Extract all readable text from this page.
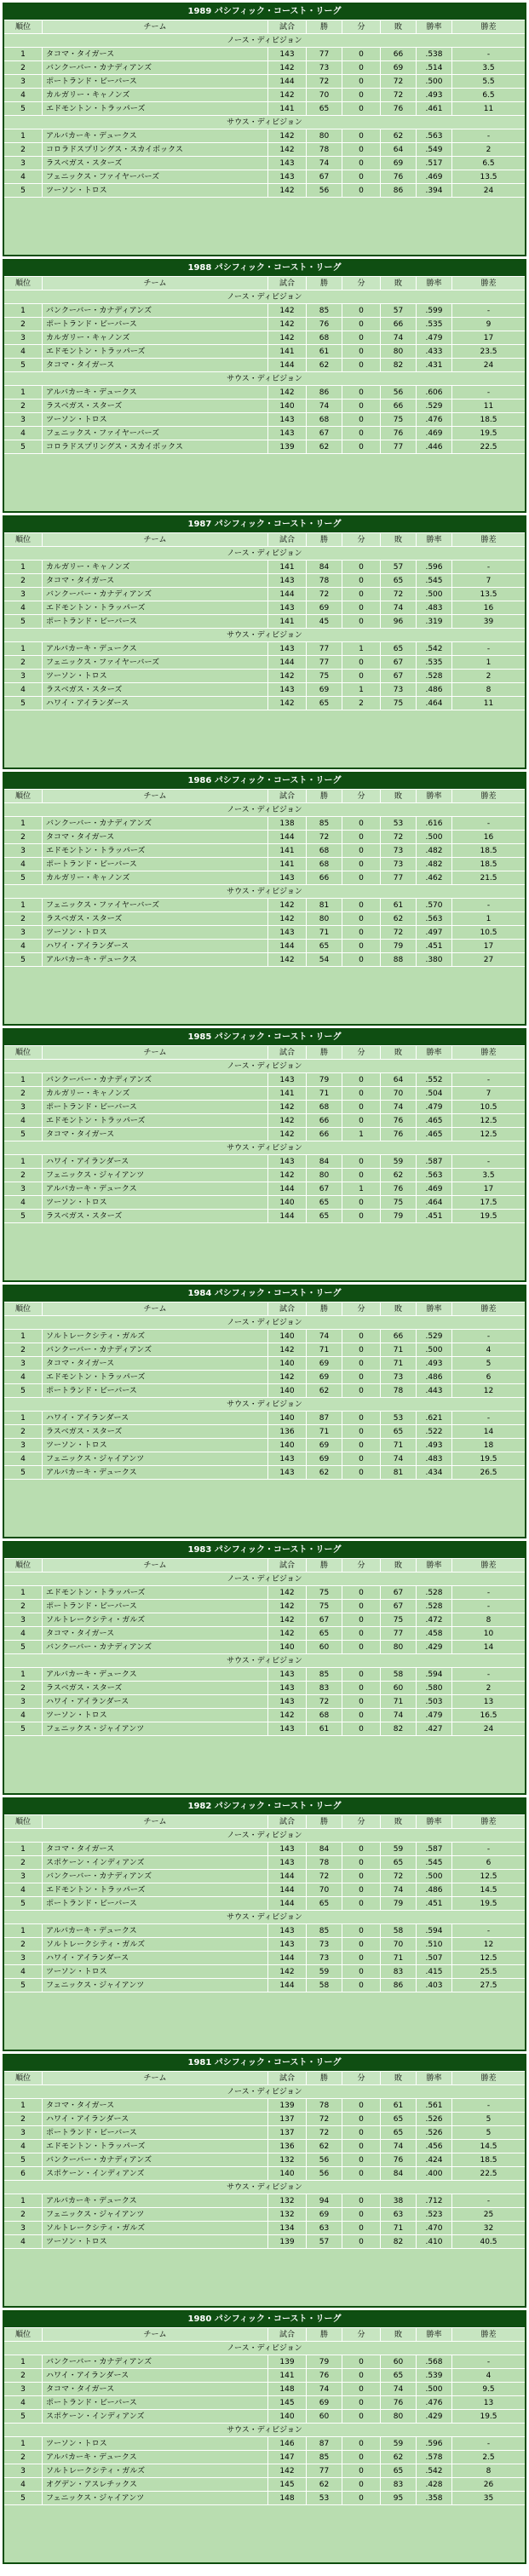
1989 パシフィック・コースト・リーグ
順位	チーム	試合	勝	分	敗	勝率	勝差
ノース・ディビジョン
1	タコマ・タイガース	143	77	0	66	.538	-
2	バンクーバー・カナディアンズ	142	73	0	69	.514	3.5
3	ポートランド・ビーバース	144	72	0	72	.500	5.5
4	カルガリー・キャノンズ	142	70	0	72	.493	6.5
5	エドモントン・トラッパーズ	141	65	0	76	.461	11
サウス・ディビジョン
1	アルバカーキ・デュークス	142	80	0	62	.563	-
2	コロラドスプリングス・スカイボックス	142	78	0	64	.549	2
3	ラスベガス・スターズ	143	74	0	69	.517	6.5
4	フェニックス・ファイヤーバーズ	143	67	0	76	.469	13.5
5	ツーソン・トロス	142	56	0	86	.394	24
1988 パシフィック・コースト・リーグ
順位	チーム	試合	勝	分	敗	勝率	勝差
ノース・ディビジョン
1	バンクーバー・カナディアンズ	142	85	0	57	.599	-
2	ポートランド・ビーバース	142	76	0	66	.535	9
3	カルガリー・キャノンズ	142	68	0	74	.479	17
4	エドモントン・トラッパーズ	141	61	0	80	.433	23.5
5	タコマ・タイガース	144	62	0	82	.431	24
サウス・ディビジョン
1	アルバカーキ・デュークス	142	86	0	56	.606	-
2	ラスベガス・スターズ	140	74	0	66	.529	11
3	ツーソン・トロス	143	68	0	75	.476	18.5
4	フェニックス・ファイヤーバーズ	143	67	0	76	.469	19.5
5	コロラドスプリングス・スカイボックス	139	62	0	77	.446	22.5
1987 パシフィック・コースト・リーグ
順位	チーム	試合	勝	分	敗	勝率	勝差
ノース・ディビジョン
1	カルガリー・キャノンズ	141	84	0	57	.596	-
2	タコマ・タイガース	143	78	0	65	.545	7
3	バンクーバー・カナディアンズ	144	72	0	72	.500	13.5
4	エドモントン・トラッパーズ	143	69	0	74	.483	16
5	ポートランド・ビーバース	141	45	0	96	.319	39
サウス・ディビジョン
1	アルバカーキ・デュークス	143	77	1	65	.542	-
2	フェニックス・ファイヤーバーズ	144	77	0	67	.535	1
3	ツーソン・トロス	142	75	0	67	.528	2
4	ラスベガス・スターズ	143	69	1	73	.486	8
5	ハワイ・アイランダース	142	65	2	75	.464	11
1986 パシフィック・コースト・リーグ
順位	チーム	試合	勝	分	敗	勝率	勝差
ノース・ディビジョン
1	バンクーバー・カナディアンズ	138	85	0	53	.616	-
2	タコマ・タイガース	144	72	0	72	.500	16
3	エドモントン・トラッパーズ	141	68	0	73	.482	18.5
4	ポートランド・ビーバース	141	68	0	73	.482	18.5
5	カルガリー・キャノンズ	143	66	0	77	.462	21.5
サウス・ディビジョン
1	フェニックス・ファイヤーバーズ	142	81	0	61	.570	-
2	ラスベガス・スターズ	142	80	0	62	.563	1
3	ツーソン・トロス	143	71	0	72	.497	10.5
4	ハワイ・アイランダース	144	65	0	79	.451	17
5	アルバカーキ・デュークス	142	54	0	88	.380	27
1985 パシフィック・コースト・リーグ
順位	チーム	試合	勝	分	敗	勝率	勝差
ノース・ディビジョン
1	バンクーバー・カナディアンズ	143	79	0	64	.552	-
2	カルガリー・キャノンズ	141	71	0	70	.504	7
3	ポートランド・ビーバース	142	68	0	74	.479	10.5
4	エドモントン・トラッパーズ	142	66	0	76	.465	12.5
5	タコマ・タイガース	142	66	1	76	.465	12.5
サウス・ディビジョン
1	ハワイ・アイランダース	143	84	0	59	.587	-
2	フェニックス・ジャイアンツ	142	80	0	62	.563	3.5
3	アルバカーキ・デュークス	144	67	1	76	.469	17
4	ツーソン・トロス	140	65	0	75	.464	17.5
5	ラスベガス・スターズ	144	65	0	79	.451	19.5
1984 パシフィック・コースト・リーグ
順位	チーム	試合	勝	分	敗	勝率	勝差
ノース・ディビジョン
1	ソルトレークシティ・ガルズ	140	74	0	66	.529	-
2	バンクーバー・カナディアンズ	142	71	0	71	.500	4
3	タコマ・タイガース	140	69	0	71	.493	5
4	エドモントン・トラッパーズ	142	69	0	73	.486	6
5	ポートランド・ビーバース	140	62	0	78	.443	12
サウス・ディビジョン
1	ハワイ・アイランダース	140	87	0	53	.621	-
2	ラスベガス・スターズ	136	71	0	65	.522	14
3	ツーソン・トロス	140	69	0	71	.493	18
4	フェニックス・ジャイアンツ	143	69	0	74	.483	19.5
5	アルバカーキ・デュークス	143	62	0	81	.434	26.5
1983 パシフィック・コースト・リーグ
順位	チーム	試合	勝	分	敗	勝率	勝差
ノース・ディビジョン
1	エドモントン・トラッパーズ	142	75	0	67	.528	-
2	ポートランド・ビーバース	142	75	0	67	.528	-
3	ソルトレークシティ・ガルズ	142	67	0	75	.472	8
4	タコマ・タイガース	142	65	0	77	.458	10
5	バンクーバー・カナディアンズ	140	60	0	80	.429	14
サウス・ディビジョン
1	アルバカーキ・デュークス	143	85	0	58	.594	-
2	ラスベガス・スターズ	143	83	0	60	.580	2
3	ハワイ・アイランダース	143	72	0	71	.503	13
4	ツーソン・トロス	142	68	0	74	.479	16.5
5	フェニックス・ジャイアンツ	143	61	0	82	.427	24
1982 パシフィック・コースト・リーグ
順位	チーム	試合	勝	分	敗	勝率	勝差
ノース・ディビジョン
1	タコマ・タイガース	143	84	0	59	.587	-
2	スポケーン・インディアンズ	143	78	0	65	.545	6
3	バンクーバー・カナディアンズ	144	72	0	72	.500	12.5
4	エドモントン・トラッパーズ	144	70	0	74	.486	14.5
5	ポートランド・ビーバース	144	65	0	79	.451	19.5
サウス・ディビジョン
1	アルバカーキ・デュークス	143	85	0	58	.594	-
2	ソルトレークシティ・ガルズ	143	73	0	70	.510	12
3	ハワイ・アイランダース	144	73	0	71	.507	12.5
4	ツーソン・トロス	142	59	0	83	.415	25.5
5	フェニックス・ジャイアンツ	144	58	0	86	.403	27.5
1981 パシフィック・コースト・リーグ
順位	チーム	試合	勝	分	敗	勝率	勝差
ノース・ディビジョン
1	タコマ・タイガース	139	78	0	61	.561	-
2	ハワイ・アイランダース	137	72	0	65	.526	5
3	ポートランド・ビーバース	137	72	0	65	.526	5
4	エドモントン・トラッパーズ	136	62	0	74	.456	14.5
5	バンクーバー・カナディアンズ	132	56	0	76	.424	18.5
6	スポケーン・インディアンズ	140	56	0	84	.400	22.5
サウス・ディビジョン
1	アルバカーキ・デュークス	132	94	0	38	.712	-
2	フェニックス・ジャイアンツ	132	69	0	63	.523	25
3	ソルトレークシティ・ガルズ	134	63	0	71	.470	32
4	ツーソン・トロス	139	57	0	82	.410	40.5
1980 パシフィック・コースト・リーグ
順位	チーム	試合	勝	分	敗	勝率	勝差
ノース・ディビジョン
1	バンクーバー・カナディアンズ	139	79	0	60	.568	-
2	ハワイ・アイランダース	141	76	0	65	.539	4
3	タコマ・タイガース	148	74	0	74	.500	9.5
4	ポートランド・ビーバース	145	69	0	76	.476	13
5	スポケーン・インディアンズ	140	60	0	80	.429	19.5
サウス・ディビジョン
1	ツーソン・トロス	146	87	0	59	.596	-
2	アルバカーキ・デュークス	147	85	0	62	.578	2.5
3	ソルトレークシティ・ガルズ	142	77	0	65	.542	8
4	オグデン・アスレチックス	145	62	0	83	.428	26
5	フェニックス・ジャイアンツ	148	53	0	95	.358	35
